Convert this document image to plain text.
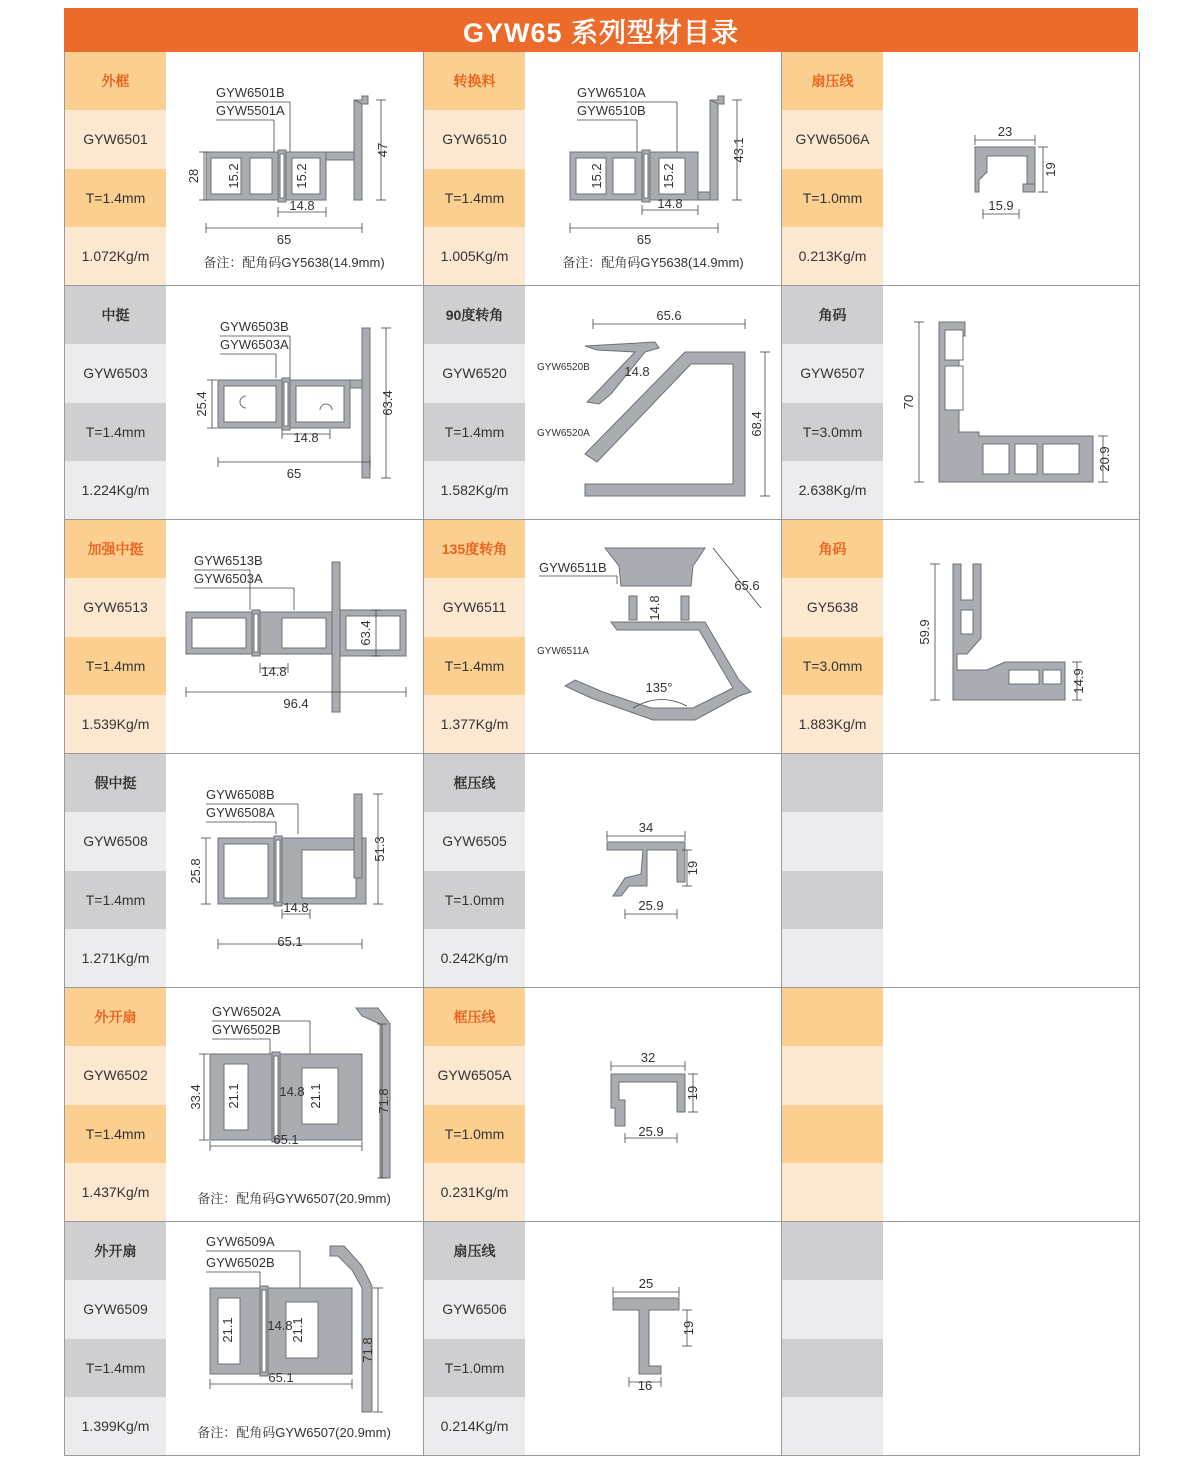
GYW65 系列型材目录
外框
GYW6501
T=1.4mm
1.072Kg/m
GYW6501B
GYW5501A
28 15.2	15.2
14.8
65
47
备注：配角码GY5638(14.9mm)
转换料
GYW6510
T=1.4mm
1.005Kg/m
GYW6510A
GYW6510B
15.2	15.2
14.8
65
43.1
备注：配角码GY5638(14.9mm)
扇压线
GYW6506A
T=1.0mm
0.213Kg/m
23
19
15.9
中挺
GYW6503
T=1.4mm
1.224Kg/m
GYW6503B
GYW6503A
25.4
14.8
65
63.4
90度转角
GYW6520
T=1.4mm
1.582Kg/m
65.6
14.8
GYW6520B
GYW6520A	68.4
角码
GYW6507
T=3.0mm
2.638Kg/m
70
20.9
加强中挺
GYW6513
T=1.4mm
1.539Kg/m
GYW6513B
GYW6503A
14.8
63.4
96.4
135度转角
GYW6511
T=1.4mm
1.377Kg/m
GYW6511B
14.8
GYW6511A
65.6
135°
角码
GY5638
T=3.0mm
1.883Kg/m
59.9
14.9
假中挺
GYW6508
T=1.4mm
1.271Kg/m
GYW6508B
GYW6508A
25.8
14.8
65.1
51.3
框压线
GYW6505
T=1.0mm
0.242Kg/m
34
19
25.9
外开扇
GYW6502
T=1.4mm
1.437Kg/m
GYW6502A
GYW6502B
33.4 21.1	14.8 21.1	71.8
65.1
备注：配角码GYW6507(20.9mm)
框压线
GYW6505A
T=1.0mm
0.231Kg/m
32
19
25.9
外开扇
GYW6509
T=1.4mm
1.399Kg/m
GYW6509A
GYW6502B
21.1 14.8
21.1
71.8
65.1
备注：配角码GYW6507(20.9mm)
扇压线
GYW6506
T=1.0mm
0.214Kg/m
25
19
16
